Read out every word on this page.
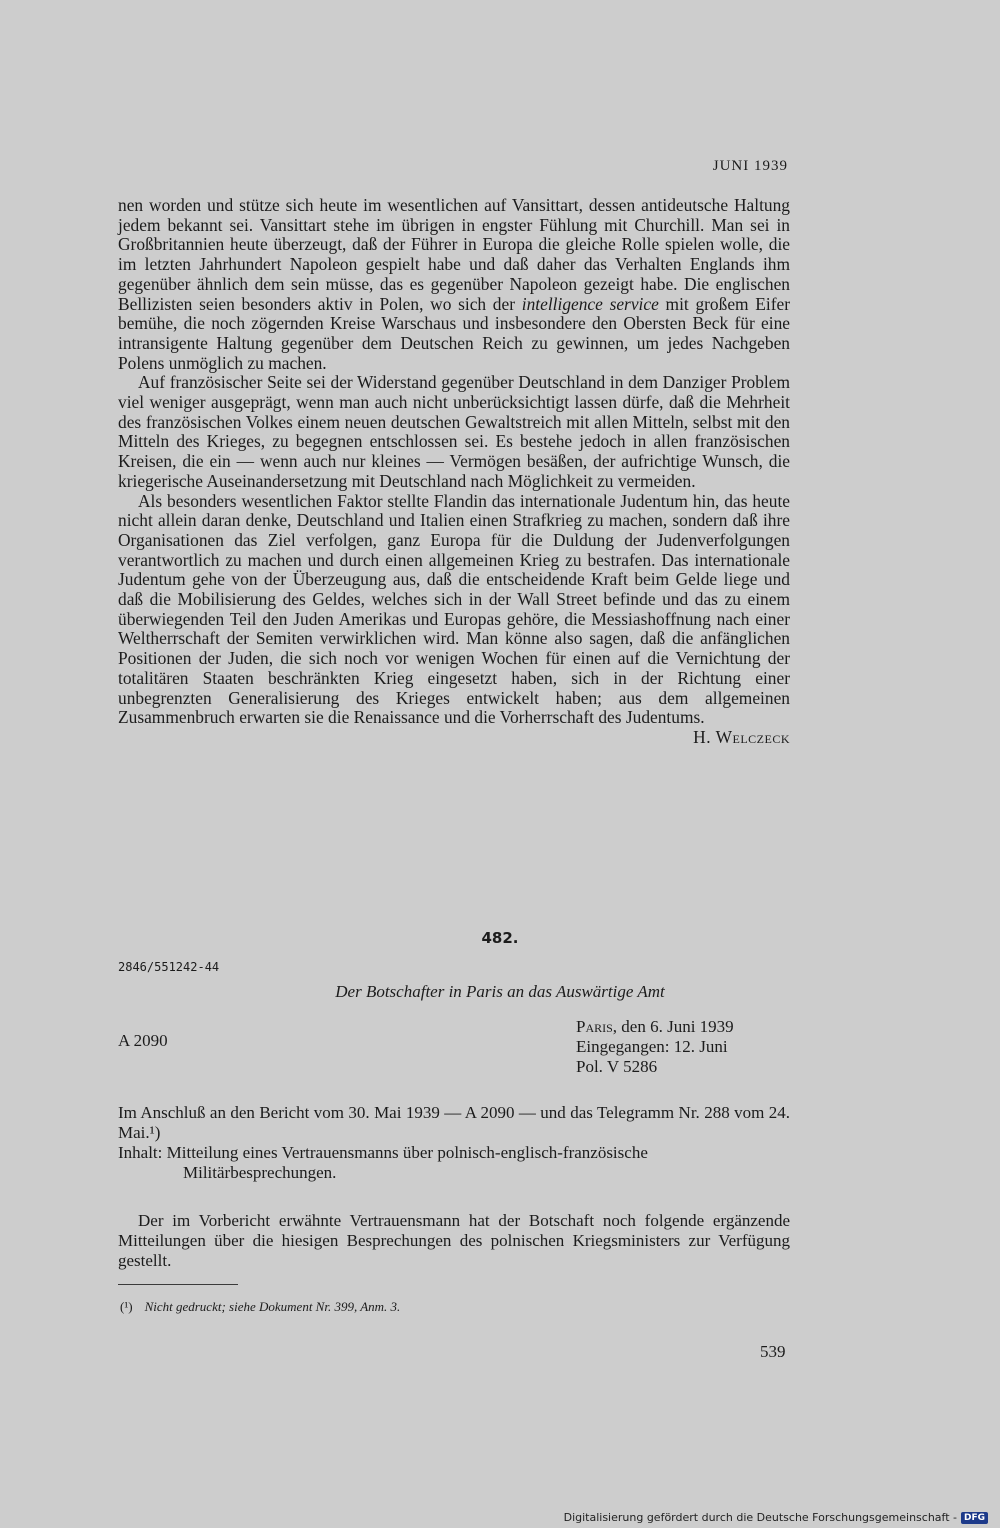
JUNI 1939

nen worden und stütze sich heute im wesentlichen auf Vansittart, dessen antideutsche Haltung jedem bekannt sei. Vansittart stehe im übrigen in engster Fühlung mit Churchill. Man sei in Großbritannien heute überzeugt, daß der Führer in Europa die gleiche Rolle spielen wolle, die im letzten Jahrhundert Napoleon gespielt habe und daß daher das Verhalten Englands ihm gegenüber ähnlich dem sein müsse, das es gegenüber Napoleon gezeigt habe. Die englischen Bellizisten seien besonders aktiv in Polen, wo sich der intelligence service mit großem Eifer bemühe, die noch zögernden Kreise Warschaus und insbesondere den Obersten Beck für eine intransigente Haltung gegenüber dem Deutschen Reich zu gewinnen, um jedes Nachgeben Polens unmöglich zu machen.

Auf französischer Seite sei der Widerstand gegenüber Deutschland in dem Danziger Problem viel weniger ausgeprägt, wenn man auch nicht unberücksichtigt lassen dürfe, daß die Mehrheit des französischen Volkes einem neuen deutschen Gewaltstreich mit allen Mitteln, selbst mit den Mitteln des Krieges, zu begegnen entschlossen sei. Es bestehe jedoch in allen französischen Kreisen, die ein — wenn auch nur kleines — Vermögen besäßen, der aufrichtige Wunsch, die kriegerische Auseinandersetzung mit Deutschland nach Möglichkeit zu vermeiden.

Als besonders wesentlichen Faktor stellte Flandin das internationale Judentum hin, das heute nicht allein daran denke, Deutschland und Italien einen Strafkrieg zu machen, sondern daß ihre Organisationen das Ziel verfolgen, ganz Europa für die Duldung der Judenverfolgungen verantwortlich zu machen und durch einen allgemeinen Krieg zu bestrafen. Das internationale Judentum gehe von der Überzeugung aus, daß die entscheidende Kraft beim Gelde liege und daß die Mobilisierung des Geldes, welches sich in der Wall Street befinde und das zu einem überwiegenden Teil den Juden Amerikas und Europas gehöre, die Messiashoffnung nach einer Weltherrschaft der Semiten verwirklichen wird. Man könne also sagen, daß die anfänglichen Positionen der Juden, die sich noch vor wenigen Wochen für einen auf die Vernichtung der totalitären Staaten beschränkten Krieg eingesetzt haben, sich in der Richtung einer unbegrenzten Generalisierung des Krieges entwickelt haben; aus dem allgemeinen Zusammenbruch erwarten sie die Renaissance und die Vorherrschaft des Judentums.

H. Welczeck

482.
2846/551242-44
Der Botschafter in Paris an das Auswärtige Amt
A 2090
Paris, den 6. Juni 1939
Eingegangen: 12. Juni
Pol. V 5286

Im Anschluß an den Bericht vom 30. Mai 1939 — A 2090 — und das Telegramm Nr. 288 vom 24. Mai.¹)

Inhalt: Mitteilung eines Vertrauensmanns über polnisch-englisch-französische

Militärbesprechungen.

Der im Vorbericht erwähnte Vertrauensmann hat der Botschaft noch folgende ergänzende Mitteilungen über die hiesigen Besprechungen des polnischen Kriegsministers zur Verfügung gestellt.
(¹) Nicht gedruckt; siehe Dokument Nr. 399, Anm. 3.
539
Digitalisierung gefördert durch die Deutsche Forschungsgemeinschaft - DFG
